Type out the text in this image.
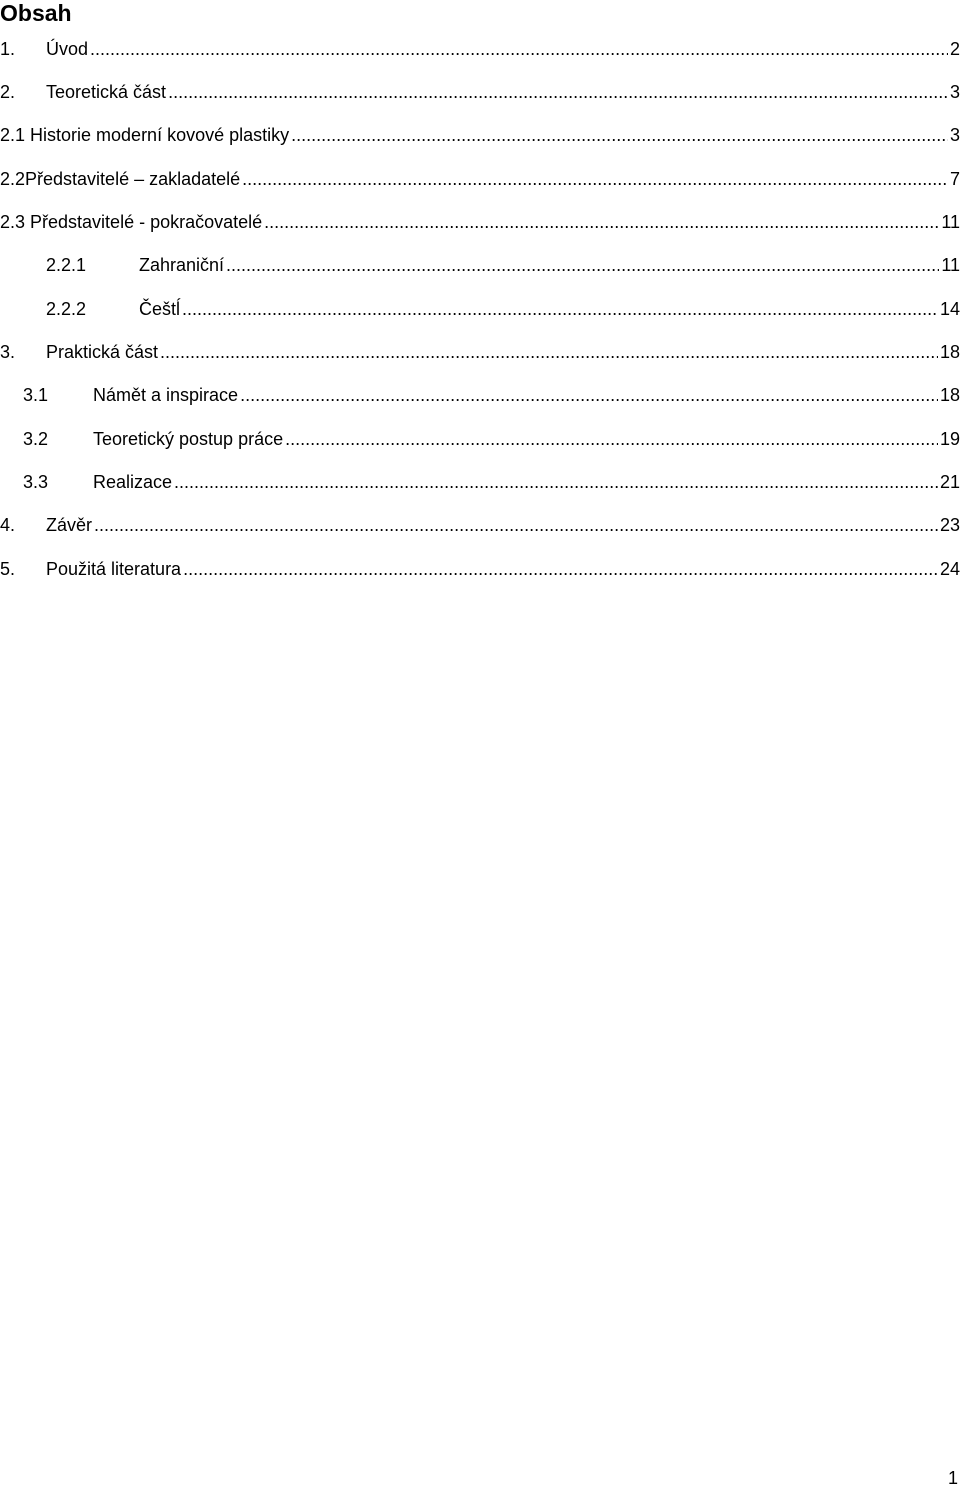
Obsah
1.	Úvod .....	2
2.	Teoretická část .....	3
2.1 Historie moderní kovové plastiky .....	3
2.2Představitelé – zakladatelé .....	7
2.3 Představitelé - pokračovatelé .....	11
2.2.1	Zahraniční .....	11
2.2.2	Češtĺ .....	14
3.	Praktická část .....	18
3.1	Námět a inspirace .....	18
3.2	Teoretický postup práce .....	19
3.3	Realizace .....	21
4.	Závěr .....	23
5.	Použitá literatura .....	24
1
